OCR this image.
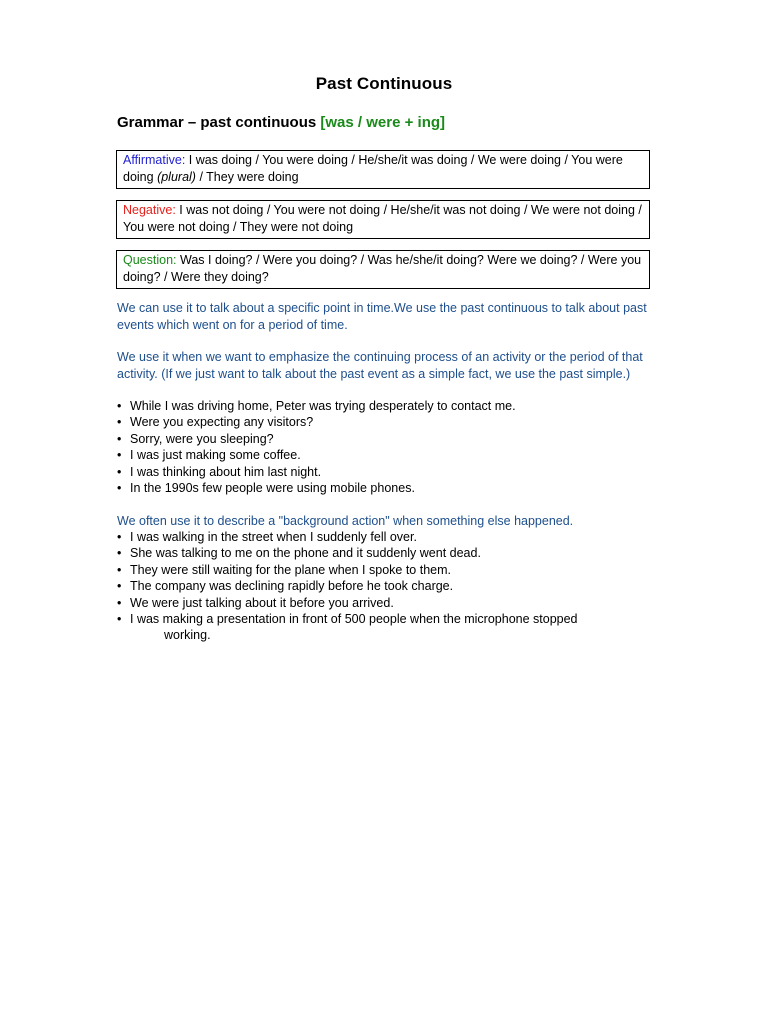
Past Continuous
Grammar – past continuous [was / were + ing]
Affirmative: I was doing / You were doing / He/she/it was doing / We were doing / You were doing (plural) / They were doing
Negative: I was not doing / You were not doing / He/she/it was not doing / We were not doing / You were not doing / They were not doing
Question: Was I doing? / Were you doing? / Was he/she/it doing? Were we doing? / Were you doing? / Were they doing?
We can use it to talk about a specific point in time.We use the past continuous to talk about past events which went on for a period of time.
We use it when we want to emphasize the continuing process of an activity or the period of that activity. (If we just want to talk about the past event as a simple fact, we use the past simple.)
• While I was driving home, Peter was trying desperately to contact me.
• Were you expecting any visitors?
• Sorry, were you sleeping?
• I was just making some coffee.
• I was thinking about him last night.
• In the 1990s few people were using mobile phones.
We often use it to describe a "background action" when something else happened.
• I was walking in the street when I suddenly fell over.
• She was talking to me on the phone and it suddenly went dead.
• They were still waiting for the plane when I spoke to them.
• The company was declining rapidly before he took charge.
• We were just talking about it before you arrived.
• I was making a presentation in front of 500 people when the microphone stopped
working.
